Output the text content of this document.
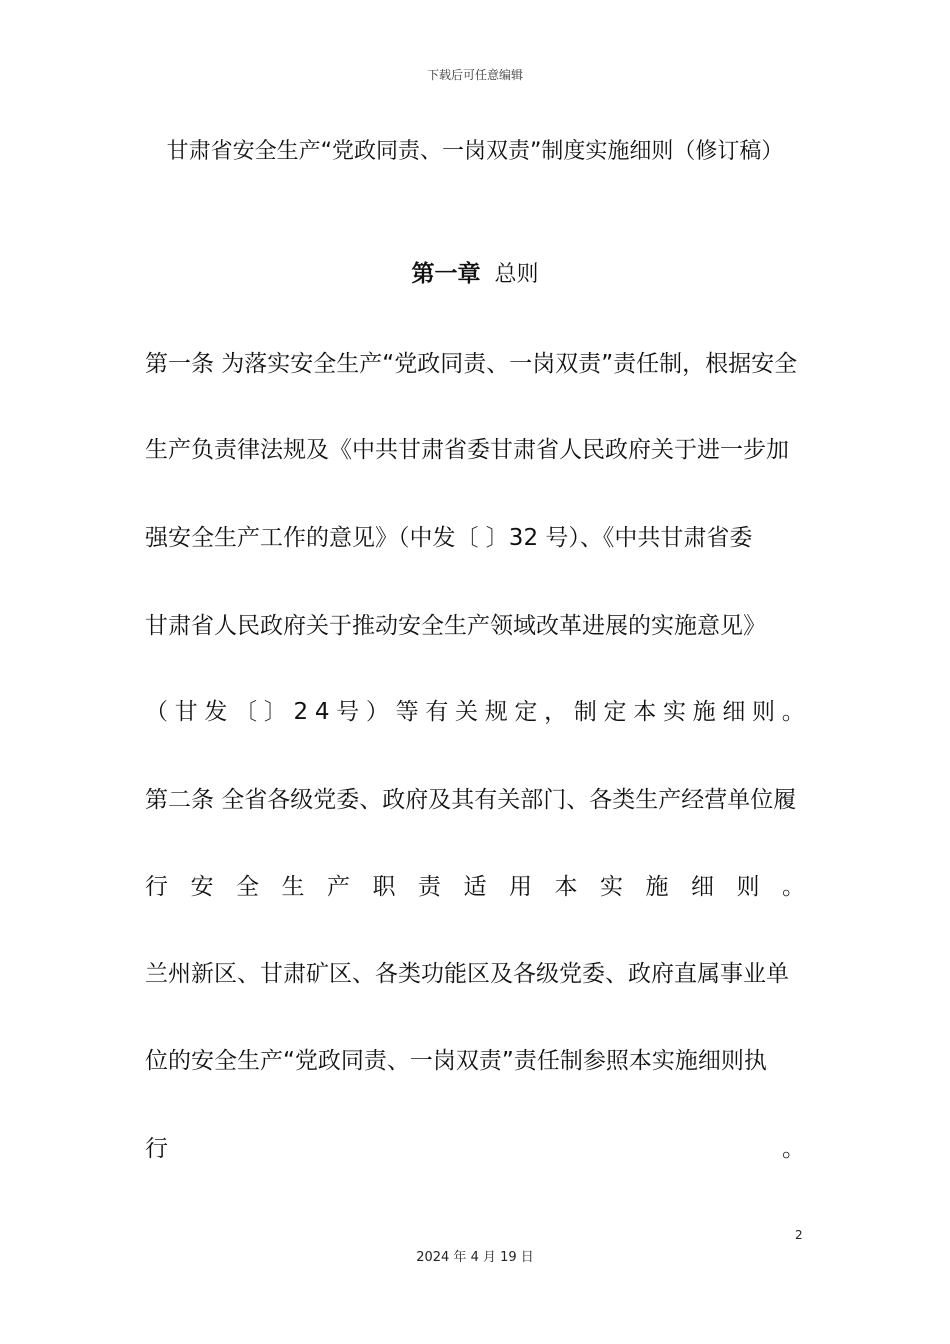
下载后可任意编辑
甘肃省安全生产“党政同责、一岗双责”制度实施细则（修订稿）
第一章 总则
第一条 为落实安全生产“党政同责、一岗双责”责任制，根据安全
生产负责律法规及《中共甘肃省委甘肃省人民政府关于进一步加
强安全生产工作的意见》（中发〔 〕32 号）、《中共甘肃省委
甘肃省人民政府关于推动安全生产领域改革进展的实施意见》
（ 甘 发 〔 〕 2 4 号 ） 等 有 关 规 定 ， 制 定 本 实 施 细 则 。
第二条 全省各级党委、政府及其有关部门、各类生产经营单位履
行 安 全 生 产 职 责 适 用 本 实 施 细 则 。
兰州新区、甘肃矿区、各类功能区及各级党委、政府直属事业单
位的安全生产“党政同责、一岗双责”责任制参照本实施细则执
行	。
2
2024 年 4 月 19 日
